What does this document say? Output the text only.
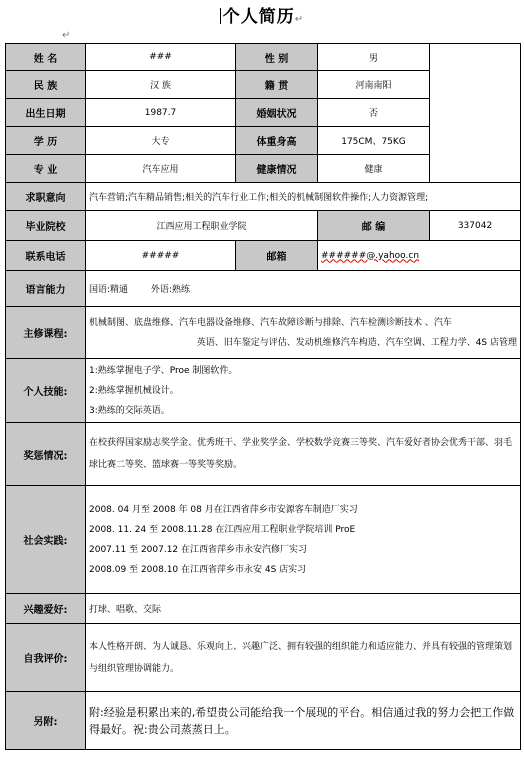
个人简历↵
↵
姓 名	###	性 别	男	
民 族	汉 族	籍 贯	河南南阳	
出生日期	1987.7	婚姻状况	否	
学 历	大专	体重身高	175CM、75KG	
专 业	汽车应用	健康情况	健康	
求职意向	汽车营销;汽车精品销售;相关的汽车行业工作;相关的机械制图软件操作;人力资源管理;			
毕业院校	江西应用工程职业学院		邮 编	337042
联系电话	#####	邮箱	######@.yahoo.cn	
语言能力	国语:精通        外语:熟练			
主修课程:	机械制图、底盘维修、汽车电器设备维修、汽车故障诊断与排除、汽车检测诊断技术 、汽车
英语、旧车鉴定与评估、发动机维修汽车构造、汽车空调、工程力学、4S 店管理			

个人技能:	1:熟练掌握电子学、Proe 制图软件。
2:熟练掌握机械设计。
3:熟练的交际英语。			

奖惩情况:	在校获得国家励志奖学金、优秀班干、学业奖学金、学校数学竞赛三等奖、汽车爱好者协会优秀干部、羽毛球比赛二等奖、篮球赛一等奖等奖励。			
社会实践:	2008. 04 月至 2008 年 08 月在江西省萍乡市安源客车制造厂实习
2008. 11. 24 至 2008.11.28 在江西应用工程职业学院培训 ProE
2007.11 至 2007.12 在江西省萍乡市永安汽修厂实习
2008.09 至 2008.10 在江西省萍乡市永安 4S 店实习			

兴趣爱好:	打球、唱歌、交际			
自我评价:	本人性格开朗、为人诚恳、乐观向上、兴趣广泛、拥有较强的组织能力和适应能力、并具有较强的管理策划与组织管理协调能力。			
另附:	附:经验是积累出来的,希望贵公司能给我一个展现的平台。相信通过我的努力会把工作做得最好。祝:贵公司蒸蒸日上。			
